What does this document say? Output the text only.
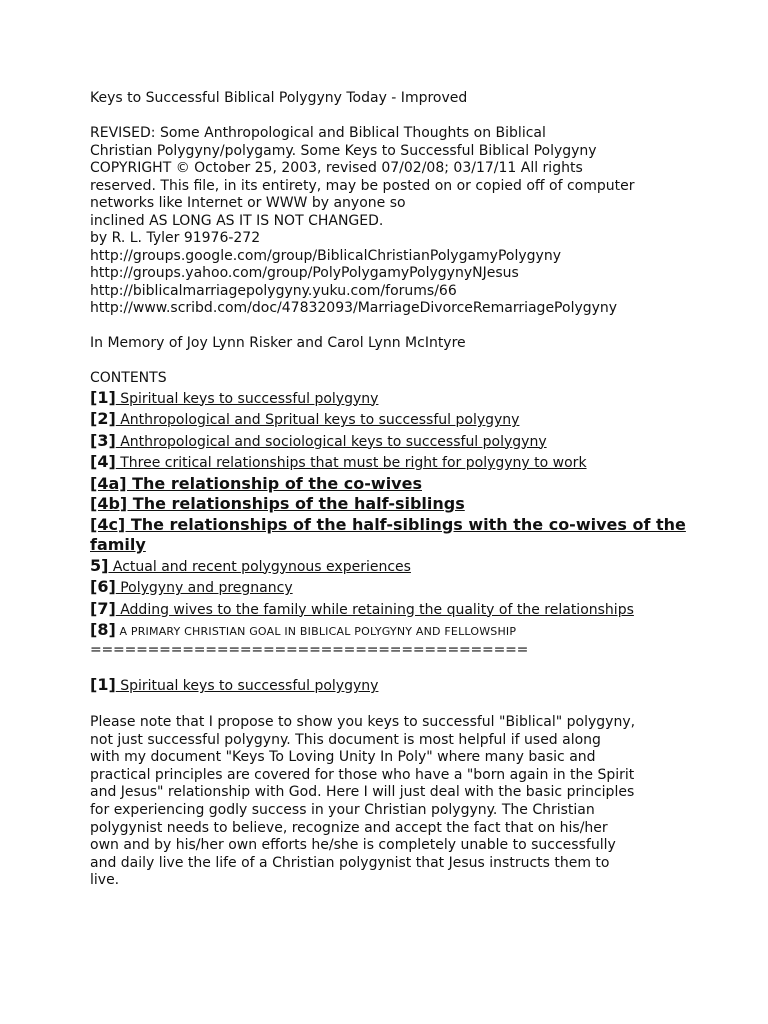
Keys to Successful Biblical Polygyny Today - Improved
REVISED: Some Anthropological and Biblical Thoughts on Biblical
Christian Polygyny/polygamy. Some Keys to Successful Biblical Polygyny
COPYRIGHT © October 25, 2003, revised 07/02/08; 03/17/11 All rights
reserved. This file, in its entirety, may be posted on or copied off of computer
networks like Internet or WWW by anyone so
inclined AS LONG AS IT IS NOT CHANGED.
by R. L. Tyler 91976-272
http://groups.google.com/group/BiblicalChristianPolygamyPolygyny
http://groups.yahoo.com/group/PolyPolygamyPolygynyNJesus
http://biblicalmarriagepolygyny.yuku.com/forums/66
http://www.scribd.com/doc/47832093/MarriageDivorceRemarriagePolygyny
In Memory of Joy Lynn Risker and Carol Lynn McIntyre
CONTENTS
[1] Spiritual keys to successful polygyny
[2] Anthropological and Spritual keys to successful polygyny
[3] Anthropological and sociological keys to successful polygyny
[4] Three critical relationships that must be right for polygyny to work
[4a] The relationship of the co-wives
[4b] The relationships of the half-siblings
[4c] The relationships of the half-siblings with the co-wives of the
family
5] Actual and recent polygynous experiences
[6] Polygyny and pregnancy
[7] Adding wives to the family while retaining the quality of the relationships
[8] A PRIMARY CHRISTIAN GOAL IN BIBLICAL POLYGYNY AND FELLOWSHIP
======================================
[1] Spiritual keys to successful polygyny
Please note that I propose to show you keys to successful "Biblical" polygyny,
not just successful polygyny. This document is most helpful if used along
with my document "Keys To Loving Unity In Poly" where many basic and
practical principles are covered for those who have a "born again in the Spirit
and Jesus" relationship with God. Here I will just deal with the basic principles
for experiencing godly success in your Christian polygyny. The Christian
polygynist needs to believe, recognize and accept the fact that on his/her
own and by his/her own efforts he/she is completely unable to successfully
and daily live the life of a Christian polygynist that Jesus instructs them to
live.
